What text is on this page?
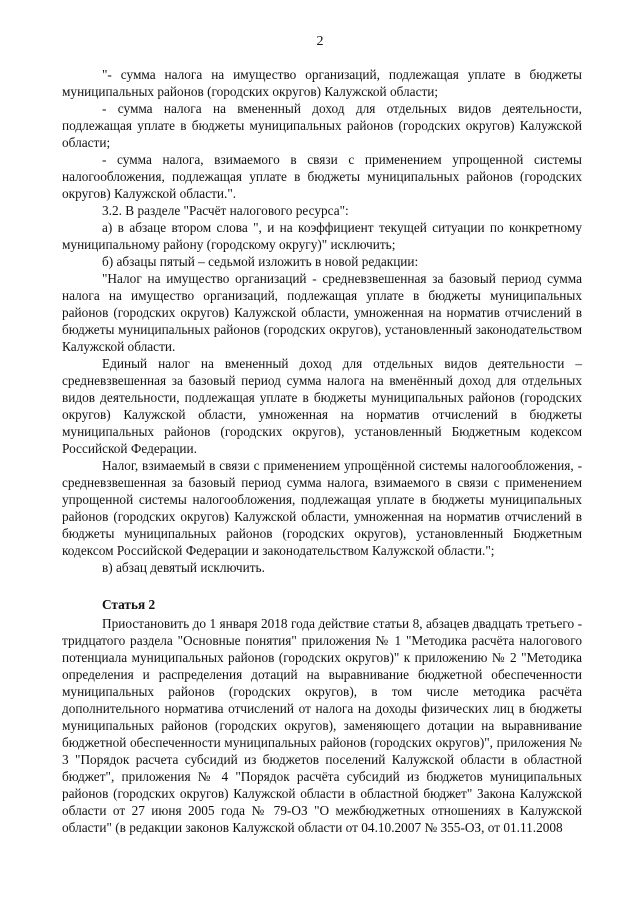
2

"- сумма налога на имущество организаций, подлежащая уплате в бюджеты муниципальных районов (городских округов) Калужской области;

- сумма налога на вмененный доход для отдельных видов деятельности, подлежащая уплате в бюджеты муниципальных районов (городских округов) Калужской области;

- сумма налога, взимаемого в связи с применением упрощенной системы налогообложения, подлежащая уплате в бюджеты муниципальных районов (городских округов) Калужской области.".

3.2. В разделе "Расчёт налогового ресурса":

а) в абзаце втором слова ", и на коэффициент текущей ситуации по конкретному муниципальному району (городскому округу)" исключить;

б) абзацы пятый – седьмой изложить в новой редакции:

"Налог на имущество организаций - средневзвешенная за базовый период сумма налога на имущество организаций, подлежащая уплате в бюджеты муниципальных районов (городских округов) Калужской области, умноженная на норматив отчислений в бюджеты муниципальных районов (городских округов), установленный законодательством Калужской области.

Единый налог на вмененный доход для отдельных видов деятельности – средневзвешенная за базовый период сумма налога на вменённый доход для отдельных видов деятельности, подлежащая уплате в бюджеты муниципальных районов (городских округов) Калужской области, умноженная на норматив отчислений в бюджеты муниципальных районов (городских округов), установленный Бюджетным кодексом Российской Федерации.

Налог, взимаемый в связи с применением упрощённой системы налогообложения, - средневзвешенная за базовый период сумма налога, взимаемого в связи с применением упрощенной системы налогообложения, подлежащая уплате в бюджеты муниципальных районов (городских округов) Калужской области, умноженная на норматив отчислений в бюджеты муниципальных районов (городских округов), установленный Бюджетным кодексом Российской Федерации и законодательством Калужской области.";

в) абзац девятый исключить.

Статья 2

Приостановить до 1 января 2018 года действие статьи 8, абзацев двадцать третьего - тридцатого раздела "Основные понятия" приложения № 1 "Методика расчёта налогового потенциала муниципальных районов (городских округов)" к приложению № 2 "Методика определения и распределения дотаций на выравнивание бюджетной обеспеченности муниципальных районов (городских округов), в том числе методика расчёта дополнительного норматива отчислений от налога на доходы физических лиц в бюджеты муниципальных районов (городских округов), заменяющего дотации на выравнивание бюджетной обеспеченности муниципальных районов (городских округов)", приложения № 3 "Порядок расчета субсидий из бюджетов поселений Калужской области в областной бюджет", приложения № 4 "Порядок расчёта субсидий из бюджетов муниципальных районов (городских округов) Калужской области в областной бюджет" Закона Калужской области от 27 июня 2005 года № 79-ОЗ "О межбюджетных отношениях в Калужской области" (в редакции законов Калужской области от 04.10.2007 № 355-ОЗ, от 01.11.2008
